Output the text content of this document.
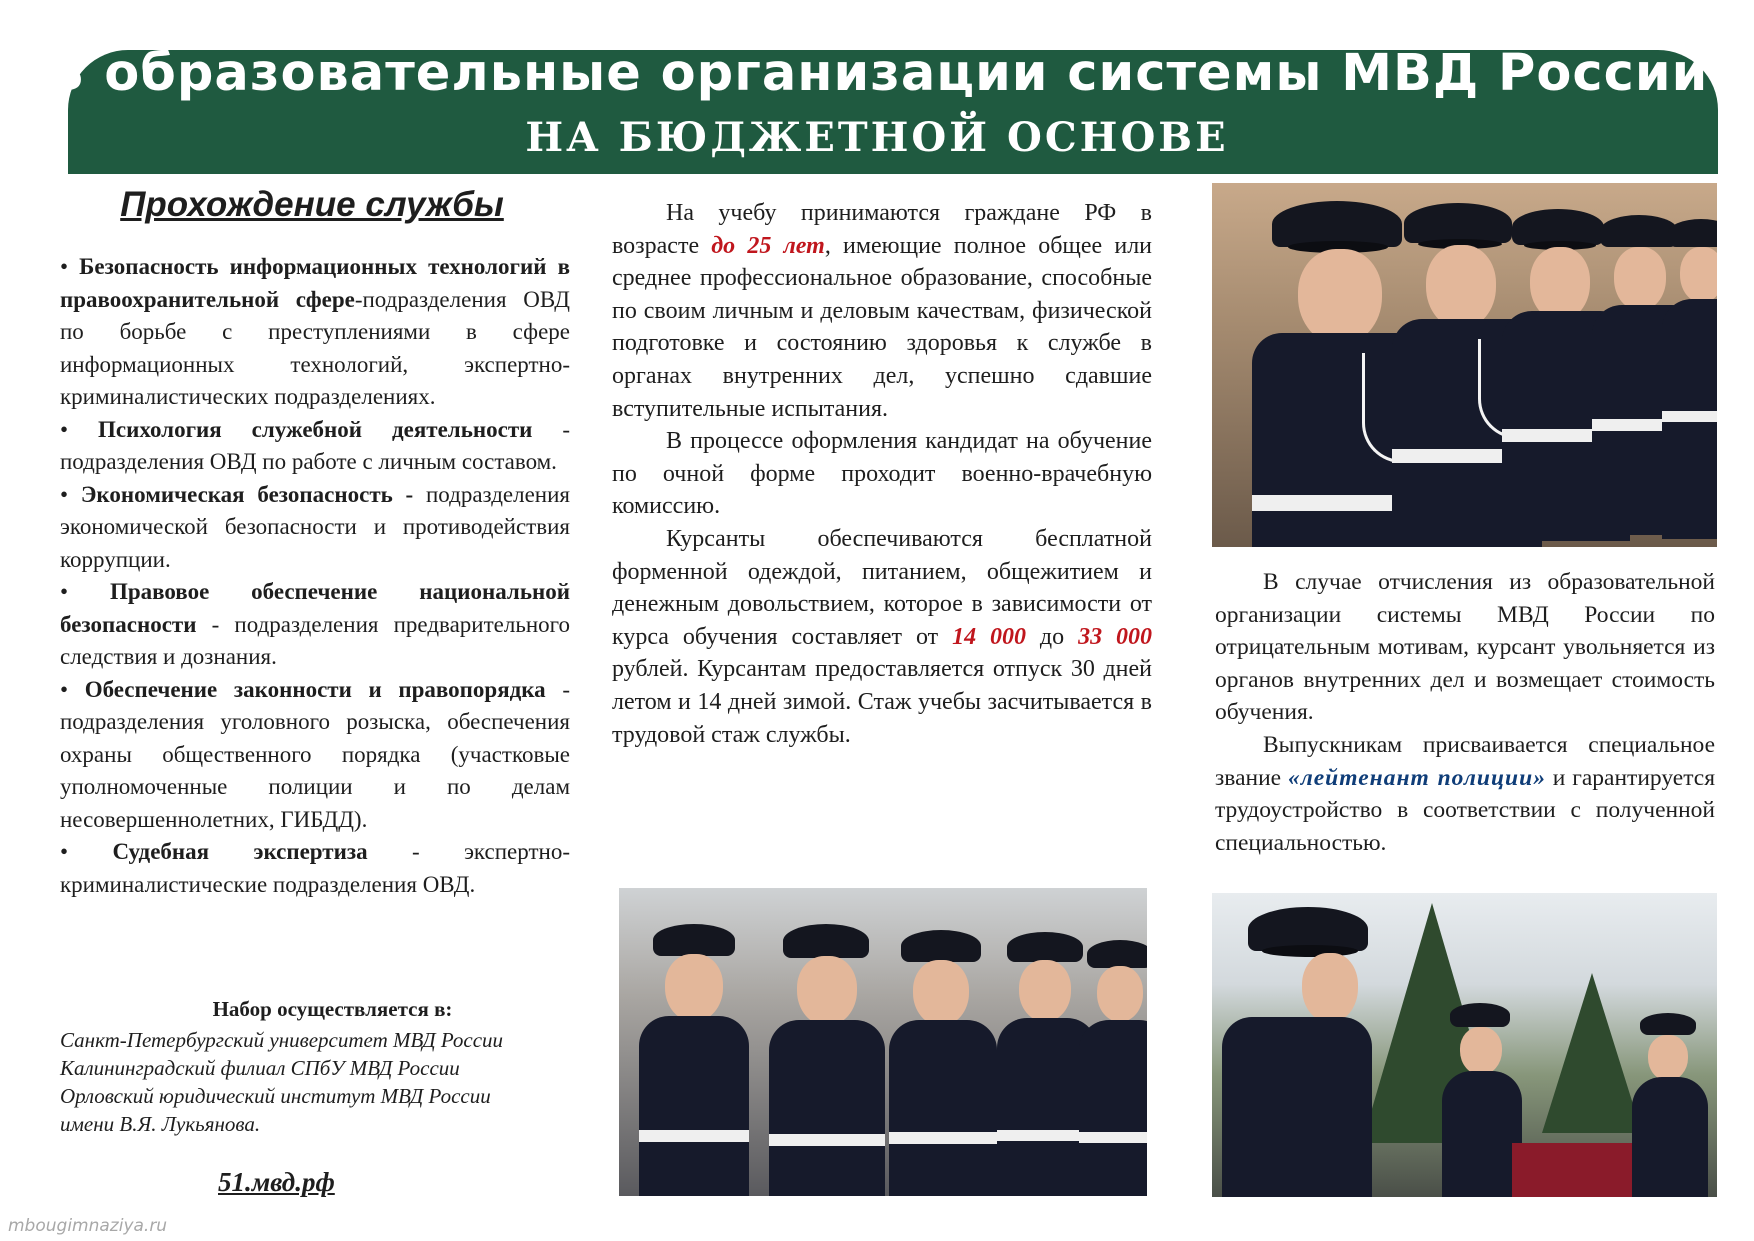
В образовательные организации системы МВД России
НА БЮДЖЕТНОЙ ОСНОВЕ
Прохождение службы

• Безопасность информационных технологий в правоохранительной сфере-подразделения ОВД по борьбе с преступлениями в сфере информационных технологий, экспертно-криминалистических подразделениях.

• Психология служебной деятельности - подразделения ОВД по работе с личным составом.

• Экономическая безопасность - подразделения экономической безопасности и противодействия коррупции.

• Правовое обеспечение национальной безопасности - подразделения предварительного следствия и дознания.

• Обеспечение законности и правопорядка - подразделения уголовного розыска, обеспечения охраны общественного порядка (участковые уполномоченные полиции и по делам несовершеннолетних, ГИБДД).

• Судебная экспертиза - экспертно-криминалистические подразделения ОВД.

Набор осуществляется в:
Санкт-Петербургский университет МВД России
Калининградский филиал СПбУ МВД России
Орловский юридический институт МВД России
имени В.Я. Лукьянова.
51.мвд.рф

На учебу принимаются граждане РФ в возрасте до 25 лет, имеющие полное общее или среднее профессиональное образование, способные по своим личным и деловым качествам, физической подготовке и состоянию здоровья к службе в органах внутренних дел, успешно сдавшие вступительные испытания.

В процессе оформления кандидат на обучение по очной форме проходит военно-врачебную комиссию.

Курсанты обеспечиваются бесплатной форменной одеждой, питанием, общежитием и денежным довольствием, которое в зависимости от курса обучения составляет от 14 000 до 33 000 рублей. Курсантам предоставляется отпуск 30 дней летом и 14 дней зимой. Стаж учебы засчитывается в трудовой стаж службы.

В случае отчисления из образовательной организации системы МВД России по отрицательным мотивам, курсант увольняется из органов внутренних дел и возмещает стоимость обучения.

Выпускникам присваивается специальное звание «лейтенант полиции» и гарантируется трудоустройство в соответствии с полученной специальностью.

mbougimnaziya.ru
